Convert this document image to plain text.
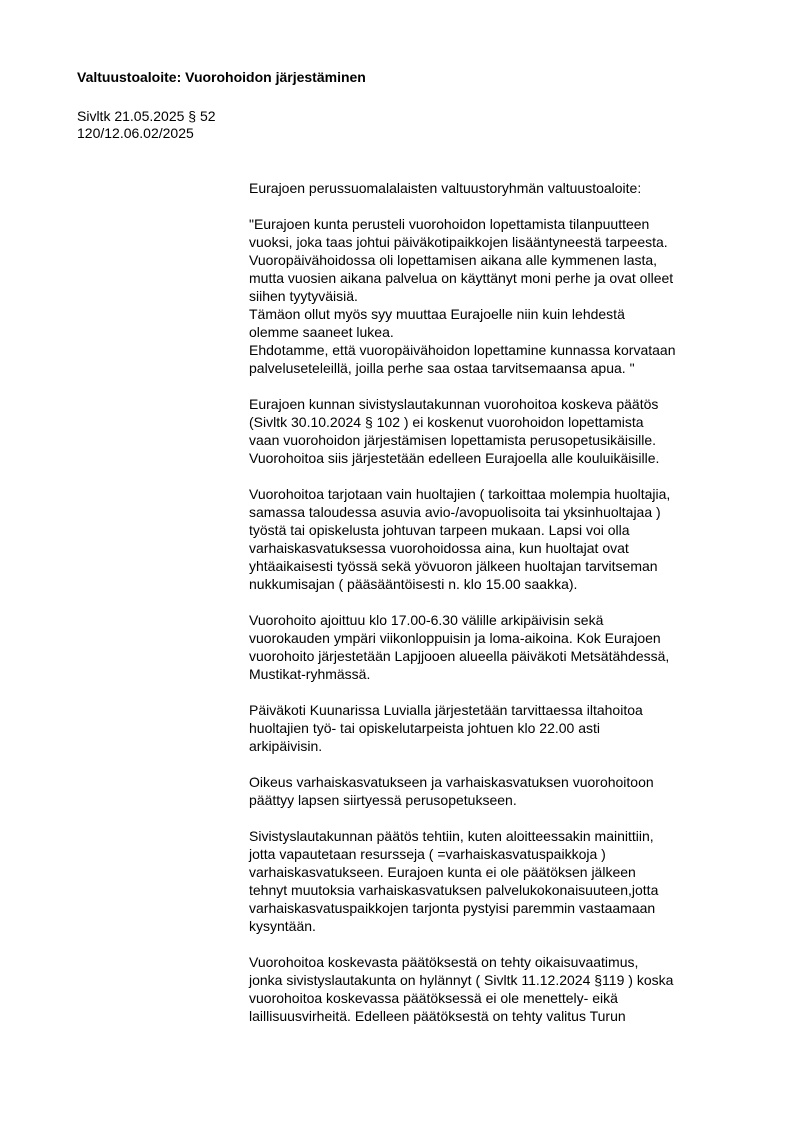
Valtuustoaloite: Vuorohoidon järjestäminen
Sivltk 21.05.2025 § 52
120/12.06.02/2025
Eurajoen perussuomalalaisten valtuustoryhmän valtuustoaloite:
"Eurajoen kunta perusteli vuorohoidon lopettamista tilanpuutteen
vuoksi, joka taas johtui päiväkotipaikkojen lisääntyneestä tarpeesta.
Vuoropäivähoidossa oli lopettamisen aikana alle kymmenen lasta,
mutta vuosien aikana palvelua on käyttänyt moni perhe ja ovat olleet
siihen tyytyväisiä.
Tämäon ollut myös syy muuttaa Eurajoelle niin kuin lehdestä
olemme saaneet lukea.
Ehdotamme, että vuoropäivähoidon lopettamine kunnassa korvataan
palveluseteleillä, joilla perhe saa ostaa tarvitsemaansa apua. "
Eurajoen kunnan sivistyslautakunnan vuorohoitoa koskeva päätös
(Sivltk 30.10.2024 § 102 ) ei koskenut vuorohoidon lopettamista
vaan vuorohoidon järjestämisen lopettamista perusopetusikäisille.
Vuorohoitoa siis järjestetään edelleen Eurajoella alle kouluikäisille.
Vuorohoitoa tarjotaan vain huoltajien ( tarkoittaa molempia huoltajia,
samassa taloudessa asuvia avio-/avopuolisoita tai yksinhuoltajaa )
työstä tai opiskelusta johtuvan tarpeen mukaan. Lapsi voi olla
varhaiskasvatuksessa vuorohoidossa aina, kun huoltajat ovat
yhtäaikaisesti työssä sekä yövuoron jälkeen huoltajan tarvitseman
nukkumisajan ( pääsääntöisesti n. klo 15.00 saakka).
Vuorohoito ajoittuu klo 17.00-6.30 välille arkipäivisin sekä
vuorokauden ympäri viikonloppuisin ja loma-aikoina. Kok Eurajoen
vuorohoito järjestetään Lapjjooen alueella päiväkoti Metsätähdessä,
Mustikat-ryhmässä.
Päiväkoti Kuunarissa Luvialla järjestetään tarvittaessa iltahoitoa
huoltajien työ- tai opiskelutarpeista johtuen klo 22.00 asti
arkipäivisin.
Oikeus varhaiskasvatukseen ja varhaiskasvatuksen vuorohoitoon
päättyy lapsen siirtyessä perusopetukseen.
Sivistyslautakunnan päätös tehtiin, kuten aloitteessakin mainittiin,
jotta vapautetaan resursseja ( =varhaiskasvatuspaikkoja )
varhaiskasvatukseen. Eurajoen kunta ei ole päätöksen jälkeen
tehnyt muutoksia varhaiskasvatuksen palvelukokonaisuuteen,jotta
varhaiskasvatuspaikkojen tarjonta pystyisi paremmin vastaamaan
kysyntään.
Vuorohoitoa koskevasta päätöksestä on tehty oikaisuvaatimus,
jonka sivistyslautakunta on hylännyt ( Sivltk 11.12.2024 §119 ) koska
vuorohoitoa koskevassa päätöksessä ei ole menettely- eikä
laillisuusvirheitä. Edelleen päätöksestä on tehty valitus Turun
